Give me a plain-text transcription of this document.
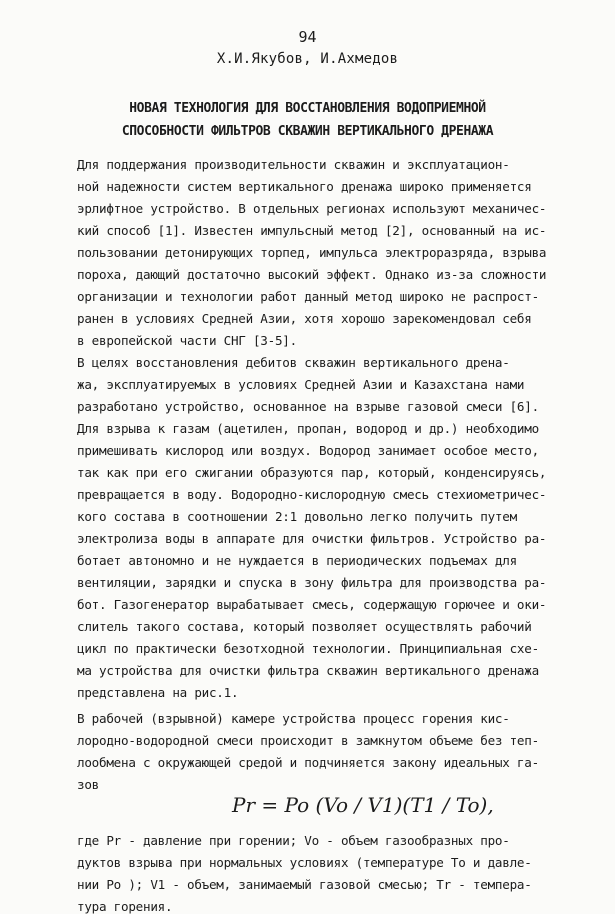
94

Х.И.Якубов, И.Ахмедов

НОВАЯ ТЕХНОЛОГИЯ ДЛЯ ВОССТАНОВЛЕНИЯ ВОДОПРИЕМНОЙ

СПОСОБНОСТИ ФИЛЬТРОВ СКВАЖИН ВЕРТИКАЛЬНОГО ДРЕНАЖА

Для поддержания производительности скважин и эксплуатацион-

ной надежности систем вертикального дренажа широко применяется

эрлифтное устройство. В отдельных регионах используют механичес-

кий способ [1]. Известен импульсный метод [2], основанный на ис-

пользовании детонирующих торпед, импульса электроразряда, взрыва

пороха, дающий достаточно высокий эффект. Однако из-за сложности

организации и технологии работ данный метод широко не распрост-

ранен в условиях Средней Азии, хотя хорошо зарекомендовал себя

в европейской части СНГ [3-5].

В целях восстановления дебитов скважин вертикального дрена-

жа, эксплуатируемых в условиях Средней Азии и Казахстана нами

разработано устройство, основанное на взрыве газовой смеси [6].

Для взрыва к газам (ацетилен, пропан, водород и др.) необходимо

примешивать кислород или воздух. Водород занимает особое место,

так как при его сжигании образуются пар, который, конденсируясь,

превращается в воду. Водородно-кислородную смесь стехиометричес-

кого состава в соотношении 2:1 довольно легко получить путем

электролиза воды в аппарате для очистки фильтров. Устройство ра-

ботает автономно и не нуждается в периодических подъемах для

вентиляции, зарядки и спуска в зону фильтра для производства ра-

бот. Газогенератор вырабатывает смесь, содержащую горючее и оки-

слитель такого состава, который позволяет осуществлять рабочий

цикл по практически безотходной технологии. Принципиальная схе-

ма устройства для очистки фильтра скважин вертикального дренажа

представлена на рис.1.

Pr = Po (Vo / V1)(T1 / To),

В рабочей (взрывной) камере устройства процесс горения кис-

лородно-водородной смеси происходит в замкнутом объеме без теп-

лообмена с окружающей средой и подчиняется закону идеальных га-

зов

где Pr - давление при горении; Vo - объем газообразных про-

дуктов взрыва при нормальных условиях (температуре To и давле-

нии Po ); V1 - объем, занимаемый газовой смесью; Tr - темпера-

тура горения.
